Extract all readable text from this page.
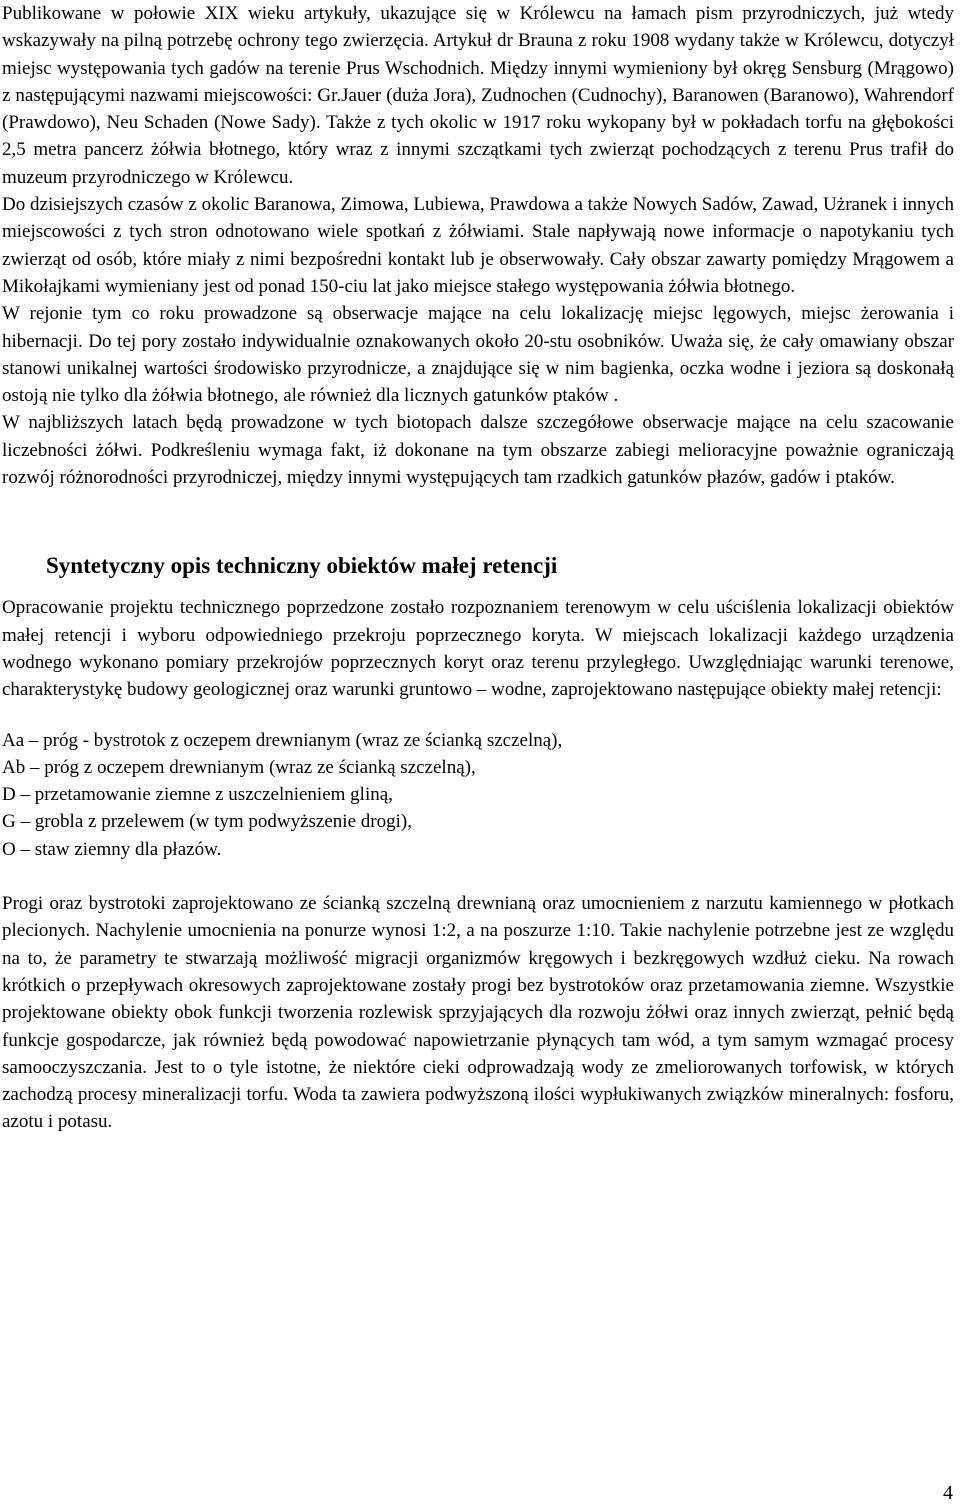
Publikowane w połowie XIX wieku artykuły, ukazujące się w Królewcu na łamach pism przyrodniczych, już wtedy wskazywały na pilną potrzebę ochrony tego zwierzęcia. Artykuł dr Brauna z roku 1908 wydany także w Królewcu, dotyczył miejsc występowania tych gadów na terenie Prus Wschodnich. Między innymi wymieniony był okręg Sensburg (Mrągowo) z następującymi nazwami miejscowości: Gr.Jauer (duża Jora), Zudnochen (Cudnochy), Baranowen (Baranowo), Wahrendorf (Prawdowo), Neu Schaden (Nowe Sady). Także z tych okolic w 1917 roku wykopany był w pokładach torfu na głębokości 2,5 metra pancerz żółwia błotnego, który wraz z innymi szczątkami tych zwierząt pochodzących z terenu Prus trafił do muzeum przyrodniczego w Królewcu.

Do dzisiejszych czasów z okolic Baranowa, Zimowa, Lubiewa, Prawdowa a także Nowych Sadów, Zawad, Użranek i innych miejscowości z tych stron odnotowano wiele spotkań z żółwiami. Stale napływają nowe informacje o napotykaniu tych zwierząt od osób, które miały z nimi bezpośredni kontakt lub je obserwowały. Cały obszar zawarty pomiędzy Mrągowem a Mikołajkami wymieniany jest od ponad 150-ciu lat jako miejsce stałego występowania żółwia błotnego.

W rejonie tym co roku prowadzone są obserwacje mające na celu lokalizację miejsc lęgowych, miejsc żerowania i hibernacji. Do tej pory zostało indywidualnie oznakowanych około 20-stu osobników. Uważa się, że cały omawiany obszar stanowi unikalnej wartości środowisko przyrodnicze, a znajdujące się w nim bagienka, oczka wodne i jeziora są doskonałą ostoją nie tylko dla żółwia błotnego, ale również dla licznych gatunków ptaków .

W najbliższych latach będą prowadzone w tych biotopach dalsze szczegółowe obserwacje mające na celu szacowanie liczebności żółwi. Podkreśleniu wymaga fakt, iż dokonane na tym obszarze zabiegi melioracyjne poważnie ograniczają rozwój różnorodności przyrodniczej, między innymi występujących tam rzadkich gatunków płazów, gadów i ptaków.

Syntetyczny opis techniczny obiektów małej retencji

Opracowanie projektu technicznego poprzedzone zostało rozpoznaniem terenowym w celu uściślenia lokalizacji obiektów małej retencji i wyboru odpowiedniego przekroju poprzecznego koryta. W miejscach lokalizacji każdego urządzenia wodnego wykonano pomiary przekrojów poprzecznych koryt oraz terenu przyległego. Uwzględniając warunki terenowe, charakterystykę budowy geologicznej oraz warunki gruntowo – wodne, zaprojektowano następujące obiekty małej retencji:

Aa – próg - bystrotok z oczepem drewnianym (wraz ze ścianką szczelną),
Ab – próg z oczepem drewnianym (wraz ze ścianką szczelną),
D – przetamowanie ziemne z uszczelnieniem gliną,
G – grobla z przelewem (w tym podwyższenie drogi),
O – staw ziemny dla płazów.

Progi oraz bystrotoki zaprojektowano ze ścianką szczelną drewnianą oraz umocnieniem z narzutu kamiennego w płotkach plecionych. Nachylenie umocnienia na ponurze wynosi 1:2, a na poszurze 1:10. Takie nachylenie potrzebne jest ze względu na to, że parametry te stwarzają możliwość migracji organizmów kręgowych i bezkręgowych wzdłuż cieku. Na rowach krótkich o przepływach okresowych zaprojektowane zostały progi bez bystrotoków oraz przetamowania ziemne. Wszystkie projektowane obiekty obok funkcji tworzenia rozlewisk sprzyjających dla rozwoju żółwi oraz innych zwierząt, pełnić będą funkcje gospodarcze, jak również będą powodować napowietrzanie płynących tam wód, a tym samym wzmagać procesy samooczyszczania. Jest to o tyle istotne, że niektóre cieki odprowadzają wody ze zmeliorowanych torfowisk, w których zachodzą procesy mineralizacji torfu. Woda ta zawiera podwyższoną ilości wypłukiwanych związków mineralnych: fosforu, azotu i potasu.

4
